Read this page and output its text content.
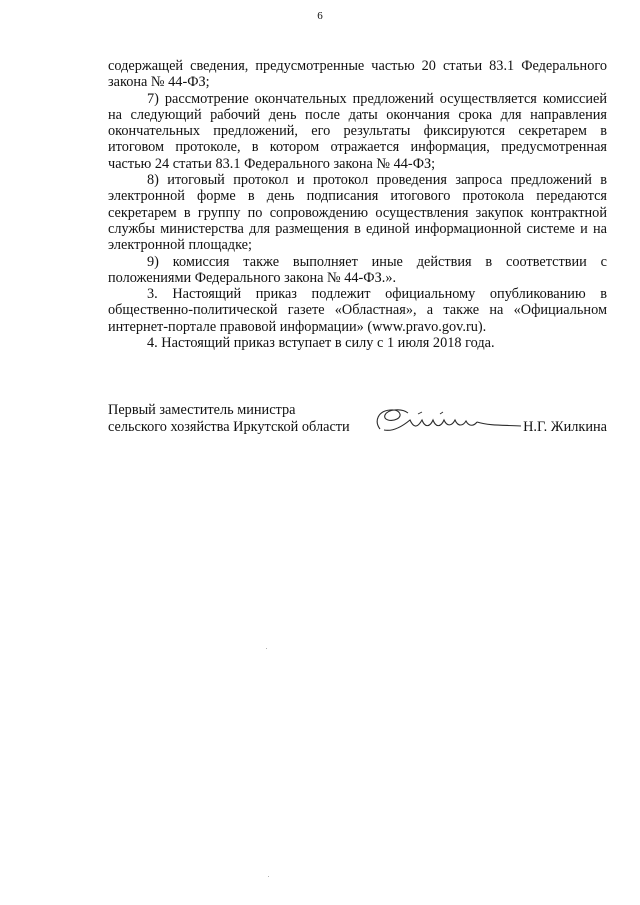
6

содержащей сведения, предусмотренные частью 20 статьи 83.1 Федерального закона № 44-ФЗ;

7) рассмотрение окончательных предложений осуществляется комиссией на следующий рабочий день после даты окончания срока для направления окончательных предложений, его результаты фиксируются секретарем в итоговом протоколе, в котором отражается информация, предусмотренная частью 24 статьи 83.1 Федерального закона № 44-ФЗ;

8) итоговый протокол и протокол проведения запроса предложений в электронной форме в день подписания итогового протокола передаются секретарем в группу по сопровождению осуществления закупок контрактной службы министерства для размещения в единой информационной системе и на электронной площадке;

9) комиссия также выполняет иные действия в соответствии с положениями Федерального закона № 44-ФЗ.».

3. Настоящий приказ подлежит официальному опубликованию в общественно-политической газете «Областная», а также на «Официальном интернет-портале правовой информации» (www.pravo.gov.ru).

4. Настоящий приказ вступает в силу с 1 июля 2018 года.

Первый заместитель министра
сельского хозяйства Иркутской области	Н.Г. Жилкина
